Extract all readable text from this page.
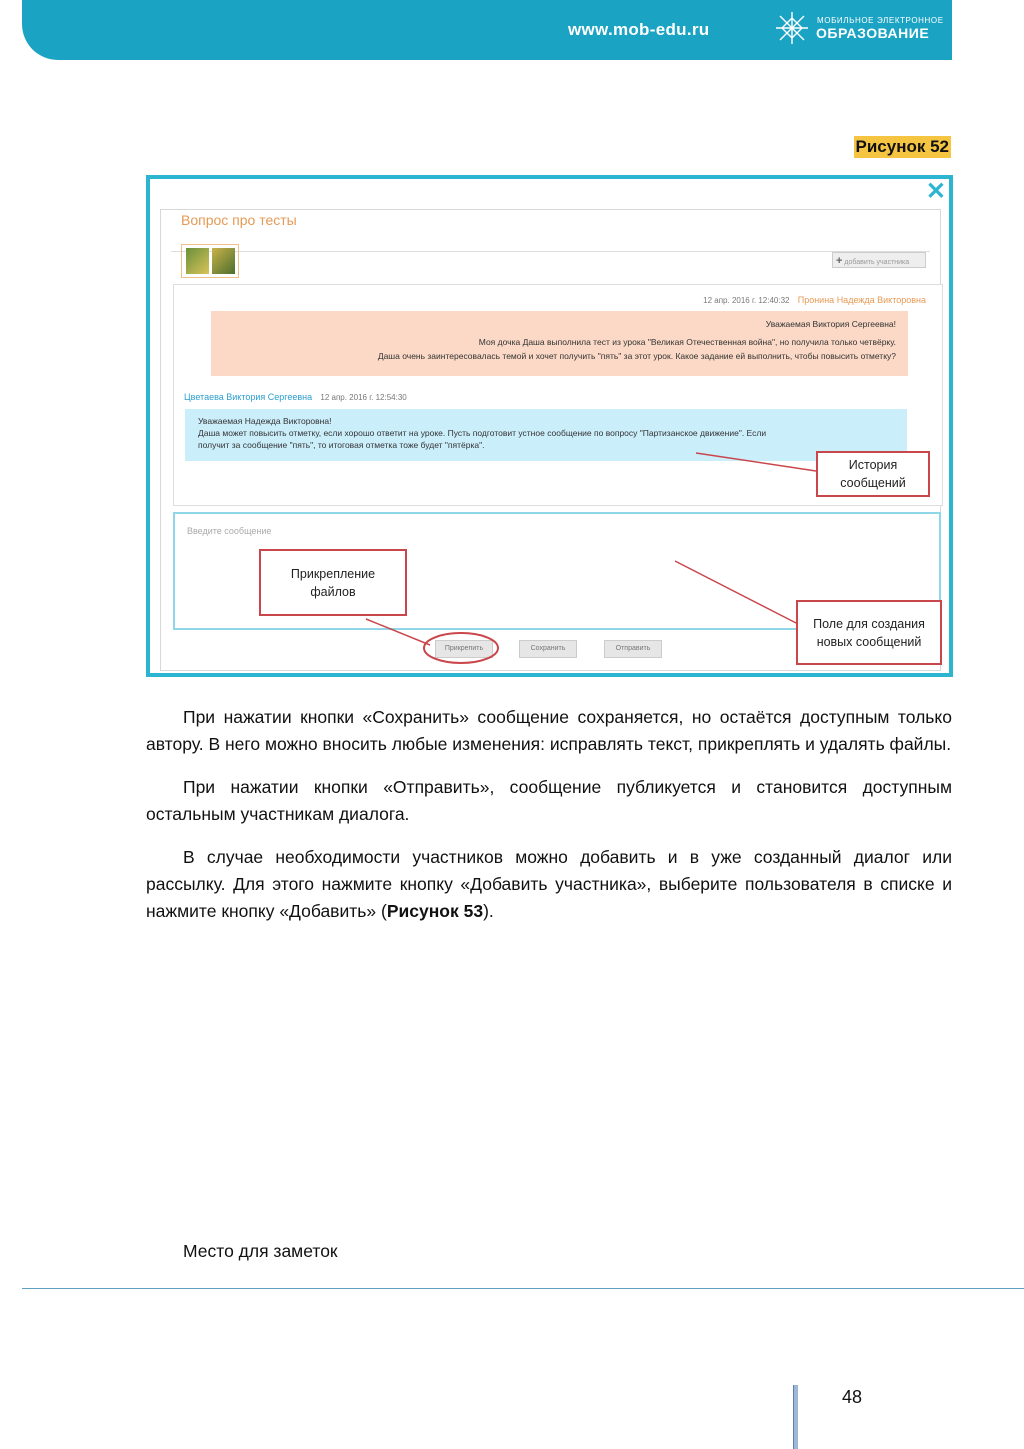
www.mob-edu.ru	МОБИЛЬНОЕ ЭЛЕКТРОННОЕ
ОБРАЗОВАНИЕ
Рисунок 52
✕
Вопрос про тесты
+ добавить участника
12 апр. 2016 г. 12:40:32 Пронина Надежда Викторовна
Уважаемая Виктория Сергеевна!
Моя дочка Даша выполнила тест из урока "Великая Отечественная война", но получила только четвёрку.
Даша очень заинтересовалась темой и хочет получить "пять" за этот урок. Какое задание ей выполнить, чтобы повысить отметку?
Цветаева Виктория Сергеевна 12 апр. 2016 г. 12:54:30
Уважаемая Надежда Викторовна!
Даша может повысить отметку, если хорошо ответит на уроке. Пусть подготовит устное сообщение по вопросу "Партизанское движение". Если
получит за сообщение "пять", то итоговая отметка тоже будет "пятёрка".
Введите сообщение
Прикрепить	Сохранить	Отправить
История
сообщений
Прикрепление
файлов
Поле для создания
новых сообщений

При нажатии кнопки «Сохранить» сообщение сохраняется, но остаётся доступным только автору. В него можно вносить любые изменения: исправлять текст, прикреплять и удалять файлы.

При нажатии кнопки «Отправить», сообщение публикуется и становится доступным остальным участникам диалога.

В случае необходимости участников можно добавить и в уже созданный диалог или рассылку. Для этого нажмите кнопку «Добавить участника», выберите пользователя в списке и нажмите кнопку «Добавить» (Рисунок 53).

Место для заметок
48
